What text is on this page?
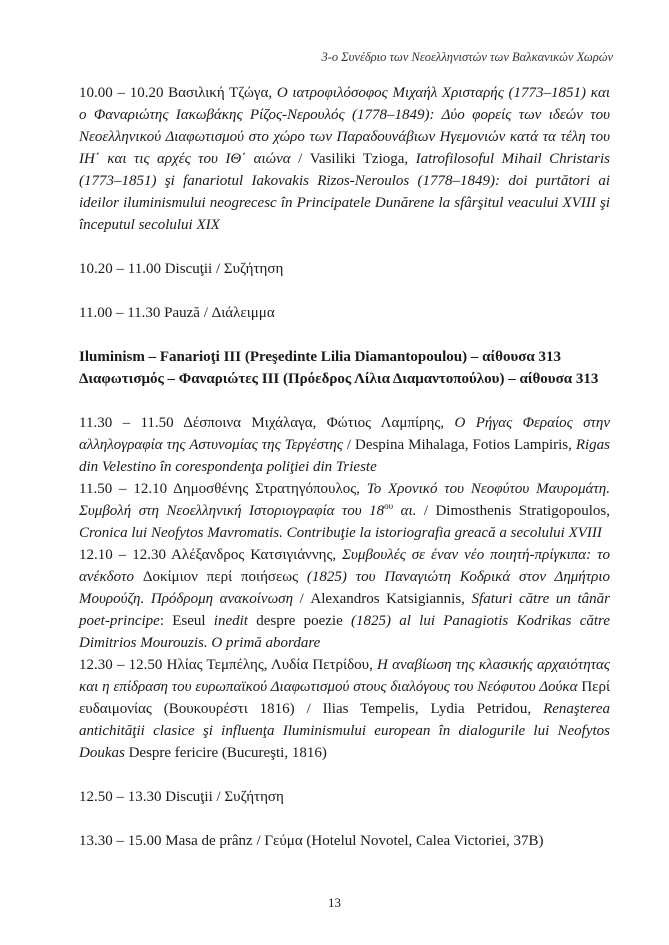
3-ο Συνέδριο των Νεοελληνιστών των Βαλκανικών Χωρών

10.00 – 10.20 Βασιλική Τζώγα, Ο ιατροφιλόσοφος Μιχαήλ Χρισταρής (1773–1851) και ο Φαναριώτης Ιακωβάκης Ρίζος-Νερουλός (1778–1849): Δύο φορείς των ιδεών του Νεοελληνικού Διαφωτισμού στο χώρο των Παραδουνάβιων Ηγεμονιών κατά τα τέλη του ΙΗ΄ και τις αρχές του ΙΘ΄ αιώνα / Vasiliki Tzioga, Iatrofilosoful Mihail Christaris (1773–1851) şi fanariotul Iakovakis Rizos-Neroulos (1778–1849): doi purtători ai ideilor iluminismului neogrecesc în Principatele Dunărene la sfârşitul veacului XVIII şi începutul secolului XIX

10.20 – 11.00 Discuţii / Συζήτηση

11.00 – 11.30 Pauză / Διάλειμμα

Iluminism – Fanarioţi III (Preşedinte Lilia Diamantopoulou) – αίθουσα 313

Διαφωτισμός – Φαναριώτες III (Πρόεδρος Λίλια Διαμαντοπούλου) – αίθουσα 313

11.30 – 11.50 Δέσποινα Μιχάλαγα, Φώτιος Λαμπίρης, Ο Ρήγας Φεραίος στην αλληλογραφία της Αστυνομίας της Τεργέστης / Despina Mihalaga, Fotios Lampiris, Rigas din Velestino în corespondenţa poliţiei din Trieste

11.50 – 12.10 Δημοσθένης Στρατηγόπουλος, Το Χρονικό του Νεοφύτου Μαυρομάτη. Συμβολή στη Νεοελληνική Ιστοριογραφία του $18^{o\upsilon}$ αι. / Dimosthenis Stratigopoulos, Cronica lui Neofytos Mavromatis. Contribuţie la istoriografia greacă a secolului XVIII

12.10 – 12.30 Αλέξανδρος Κατσιγιάννης, Συμβουλές σε έναν νέο ποιητή-πρίγκιπα: το ανέκδοτο Δοκίμιον περί ποιήσεως (1825) του Παναγιώτη Κοδρικά στον Δημήτριο Μουρούζη. Πρόδρομη ανακοίνωση / Alexandros Katsigiannis, Sfaturi către un tânăr poet-principe: Eseul inedit despre poezie (1825) al lui Panagiotis Kodrikas către Dimitrios Mourouzis. O primă abordare

12.30 – 12.50 Ηλίας Τεμπέλης, Λυδία Πετρίδου, Η αναβίωση της κλασικής αρχαιότητας και η επίδραση του ευρωπαϊκού Διαφωτισμού στους διαλόγους του Νεόφυτου Δούκα Περί ευδαιμονίας (Βουκουρέστι 1816) / Ilias Tempelis, Lydia Petridou, Renaşterea antichităţii clasice şi influenţa Iluminismului european în dialogurile lui Neofytos Doukas Despre fericire (Bucureşti, 1816)

12.50 – 13.30 Discuţii / Συζήτηση

13.30 – 15.00 Masa de prânz / Γεύμα (Hotelul Novotel, Calea Victoriei, 37B)

13
